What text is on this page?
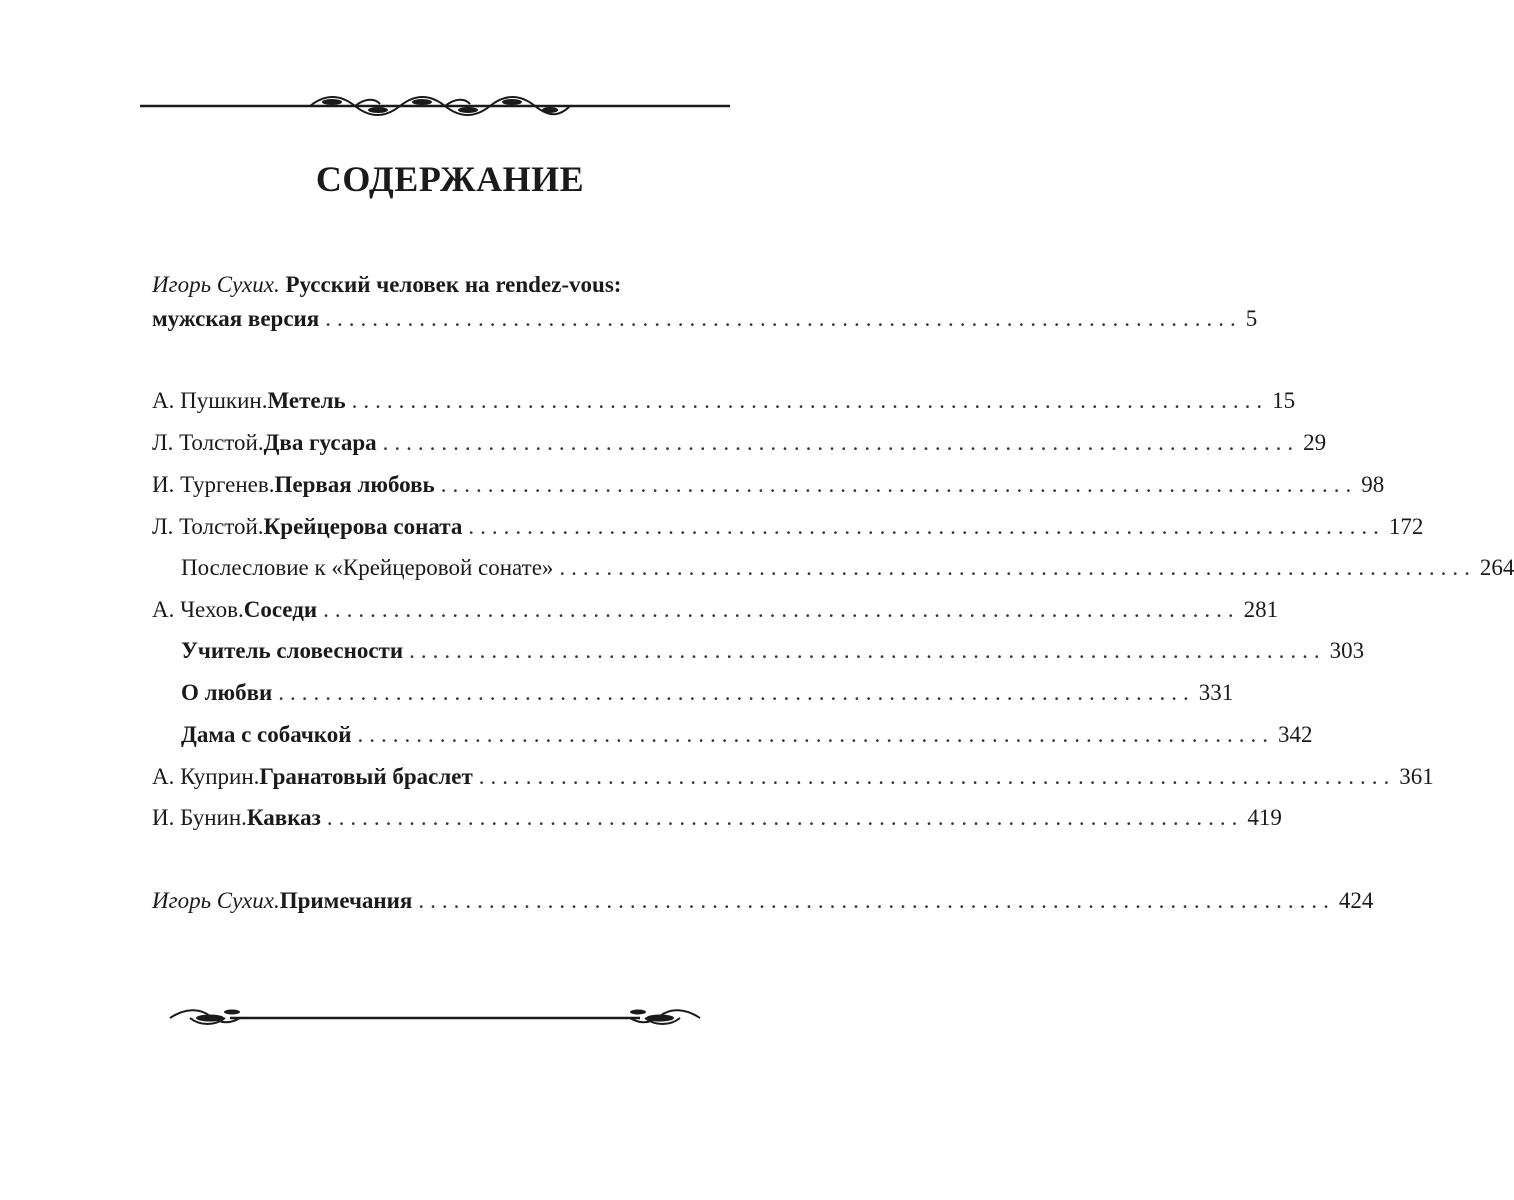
СОДЕРЖАНИЕ
Игорь Сухих. Русский человек на rendez-vous:
мужская версия .............................................................................. 5
А. Пушкин. Метель .............................................................................. 15
Л. Толстой. Два гусара .............................................................................. 29
И. Тургенев. Первая любовь .............................................................................. 98
Л. Толстой. Крейцерова соната .............................................................................. 172
Послесловие к «Крейцеровой сонате» .............................................................................. 264
А. Чехов. Соседи .............................................................................. 281
Учитель словесности .............................................................................. 303
О любви .............................................................................. 331
Дама с собачкой .............................................................................. 342
А. Куприн. Гранатовый браслет .............................................................................. 361
И. Бунин. Кавказ .............................................................................. 419
Игорь Сухих. Примечания .............................................................................. 424
